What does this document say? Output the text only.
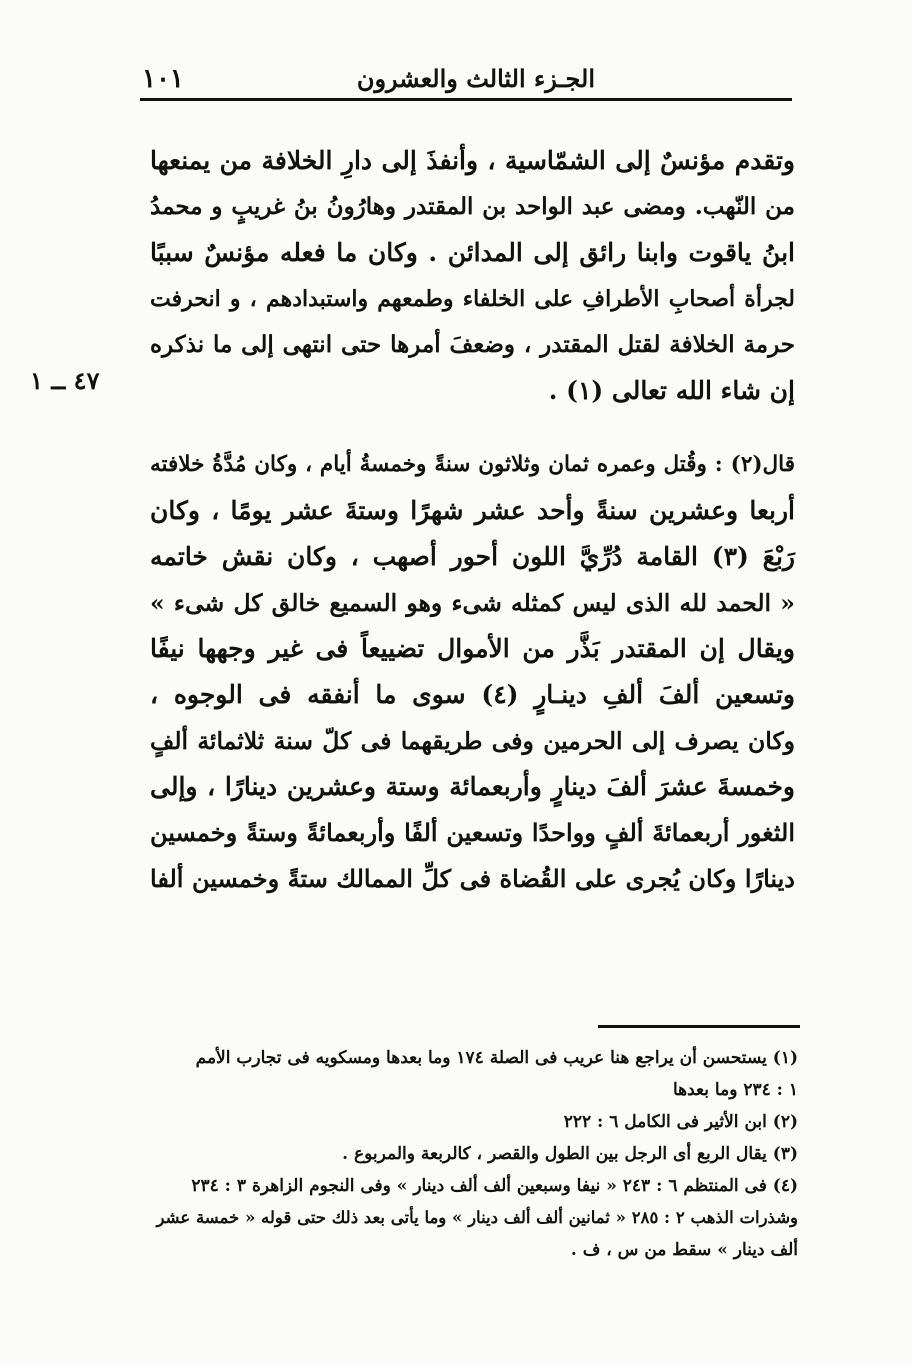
الجـزء الثالث والعشرون
١٠١
٤٧ ــ ١
وتقدم مؤنسٌ إلى الشمّاسية ، وأنفذَ إلى دارِ الخلافة من يمنعها
من النّهب. ومضى عبد الواحد بن المقتدر وهارُونُ بنُ غريبٍ و محمدُ
ابنُ ياقوت وابنا رائق إلى المدائن . وكان ما فعله مؤنسٌ سببًا
لجرأة أصحابِ الأطرافِ على الخلفاء وطمعهم واستبدادهم ، و انحرفت
حرمة الخلافة لقتل المقتدر ، وضعفَ أمرها حتى انتهى إلى ما نذكره
إن شاء الله تعالى (١) .
قال(٢) : وقُتل وعمره ثمان وثلاثون سنةً وخمسةُ أيام ، وكان مُدَّةُ خلافته
أربعا وعشرين سنةً وأحد عشر شهرًا وستةَ عشر يومًا ، وكان
رَبْعَ (٣) القامة دُرِّيَّ اللون أحور أصهب ، وكان نقش خاتمه
« الحمد لله الذى ليس كمثله شىء وهو السميع خالق كل شىء »
ويقال إن المقتدر بَذَّر من الأموال تضييعاً فى غير وجهها نيفًا
وتسعين ألفَ ألفِ دينـارٍ (٤) سوى ما أنفقه فى الوجوه ،
وكان يصرف إلى الحرمين وفى طريقهما فى كلّ سنة ثلاثمائة ألفٍ
وخمسةَ عشرَ ألفَ دينارٍ وأربعمائة وستة وعشرين دينارًا ، وإلى
الثغور أربعمائةَ ألفٍ وواحدًا وتسعين ألفًا وأربعمائةً وستةً وخمسين
دينارًا وكان يُجرى على القُضاة فى كلِّ الممالك ستةً وخمسين ألفا
(١) يستحسن أن يراجع هنا عريب فى الصلة ١٧٤ وما بعدها ومسكويه فى تجارب الأمم
١ : ٢٣٤ وما بعدها
(٢) ابن الأثير فى الكامل ٦ : ٢٢٢
(٣) يقال الربع أى الرجل بين الطول والقصر ، كالربعة والمربوع .
(٤) فى المنتظم ٦ : ٢٤٣ « نيفا وسبعين ألف ألف دينار » وفى النجوم الزاهرة ٣ : ٢٣٤
وشذرات الذهب ٢ : ٢٨٥ « ثمانين ألف ألف دينار » وما يأتى بعد ذلك حتى قوله « خمسة عشر
ألف دينار » سقط من س ، ف .
